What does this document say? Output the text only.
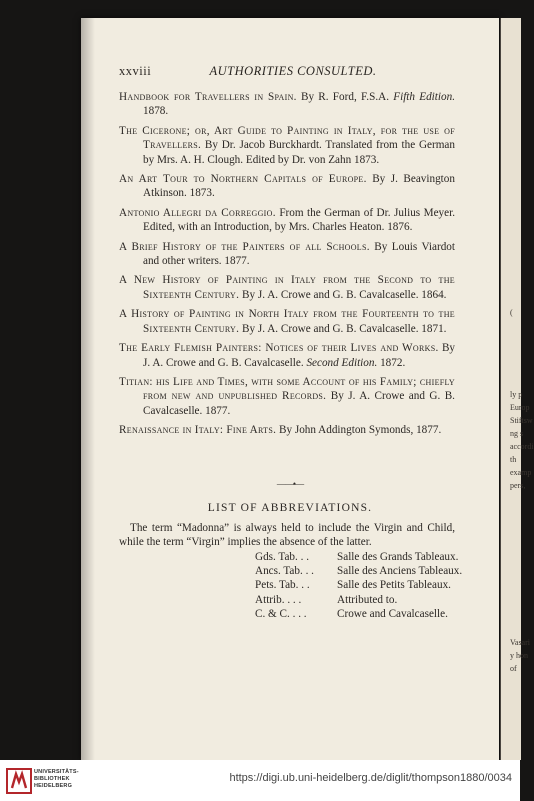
xxviii	AUTHORITIES CONSULTED.
Handbook for Travellers in Spain. By R. Ford, F.S.A. Fifth Edition. 1878.
The Cicerone; or, Art Guide to Painting in Italy, for the use of Travellers. By Dr. Jacob Burckhardt. Translated from the German by Mrs. A. H. Clough. Edited by Dr. von Zahn 1873.
An Art Tour to Northern Capitals of Europe. By J. Beavington Atkinson. 1873.
Antonio Allegri da Correggio. From the German of Dr. Julius Meyer. Edited, with an Introduction, by Mrs. Charles Heaton. 1876.
A Brief History of the Painters of all Schools. By Louis Viardot and other writers. 1877.
A New History of Painting in Italy from the Second to the Sixteenth Century. By J. A. Crowe and G. B. Cavalcaselle. 1864.
A History of Painting in North Italy from the Fourteenth to the Sixteenth Century. By J. A. Crowe and G. B. Cavalcaselle. 1871.
The Early Flemish Painters: Notices of their Lives and Works. By J. A. Crowe and G. B. Cavalcaselle. Second Edition. 1872.
Titian: his Life and Times, with some Account of his Family; chiefly from new and unpublished Records. By J. A. Crowe and G. B. Cavalcaselle. 1877.
Renaissance in Italy: Fine Arts. By John Addington Symonds, 1877.
——•—
LIST OF ABBREVIATIONS.
The term “Madonna” is always held to include the Virgin and Child, while the term “Virgin” implies the absence of the latter.
Gds. Tab. . .	Salle des Grands Tableaux.
Ancs. Tab. . .	Salle des Anciens Tableaux.
Pets. Tab. . .	Salle des Petits Tableaux.
Attrib. . . .	Attributed to.
C. & C. . . .	Crowe and Cavalcaselle.
(
ly p
Europ
Stiftsw
ng s
accordi
th
examp
pers,
Vasari
y hon
of
UNIVERSITÄTS-
BIBLIOTHEK
HEIDELBERG
https://digi.ub.uni-heidelberg.de/diglit/thompson1880/0034
